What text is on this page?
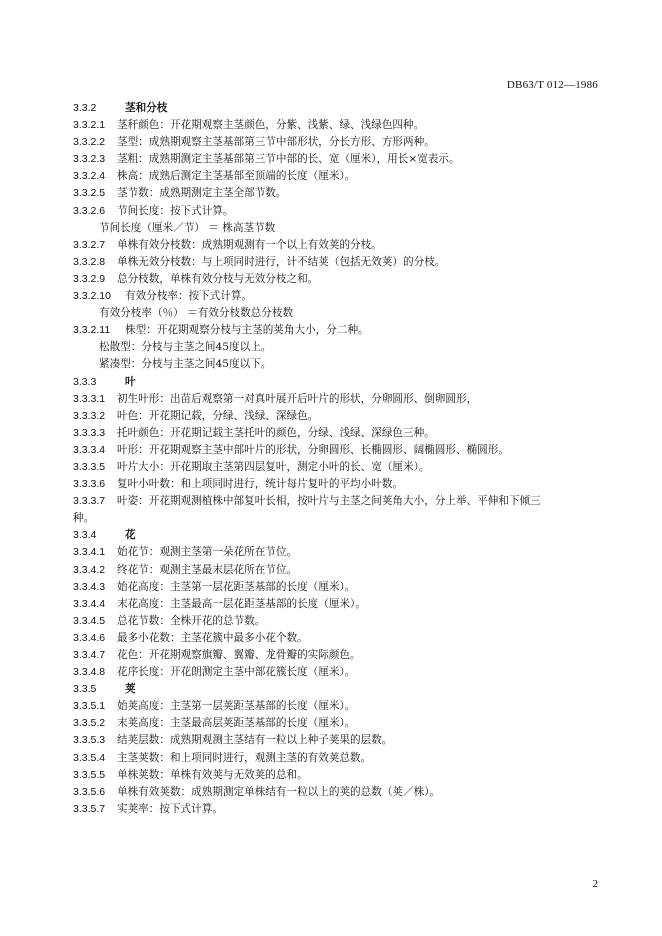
DB63/T 012—1986
3.3.2	茎和分枝
3.3.2.1 茎秆颜色：开花期观察主茎颜色，分紫、浅紫、绿、浅绿色四种。
3.3.2.2 茎型：成熟期观察主茎基部第三节中部形状，分长方形、方形两种。
3.3.2.3 茎粗：成熟期测定主茎基部第三节中部的长、宽（厘米），用长×宽表示。
3.3.2.4 株高：成熟后测定主茎基部至顶端的长度（厘米）。
3.3.2.5 茎节数：成熟期测定主茎全部节数。
3.3.2.6 节间长度：按下式计算。
节间长度（厘米／节） ＝ 株高茎节数
3.3.2.7 单株有效分枝数：成熟期观测有一个以上有效荚的分枝。
3.3.2.8 单株无效分枝数：与上项同时进行，计不结荚（包括无效荚）的分枝。
3.3.2.9 总分枝数，单株有效分枝与无效分枝之和。
3.3.2.10 有效分枝率：按下式计算。
有效分枝率（％） ＝有效分枝数总分枝数
3.3.2.11 株型：开花期观察分枝与主茎的荚角大小，分二种。
松散型：分枝与主茎之间45度以上。
紧凑型：分枝与主茎之间45度以下。
3.3.3	叶
3.3.3.1 初生叶形：出苗后观察第一对真叶展开后叶片的形状，分卵圆形、倒卵圆形，
3.3.3.2 叶色：开花期记载，分绿、浅绿、深绿色。
3.3.3.3 托叶颜色：开花期记载主茎托叶的颜色，分绿、浅绿、深绿色三种。
3.3.3.4 叶形：开花期观察主茎中部叶片的形状，分卵圆形、长椭圆形、阔椭圆形、椭圆形。
3.3.3.5 叶片大小：开花期取主茎第四层复叶，测定小叶的长、宽（厘米）。
3.3.3.6 复叶小叶数：和上项同时进行，统计每片复叶的平均小叶数。
3.3.3.7 叶姿：开花期观测植株中部复叶长相，按叶片与主茎之间荚角大小，分上举、平伸和下倾三
种。
3.3.4	花
3.3.4.1 始花节：观测主茎第一朵花所在节位。
3.3.4.2 终花节：观测主茎最末层花所在节位。
3.3.4.3 始花高度：主茎第一层花距茎基部的长度（厘米）。
3.3.4.4 末花高度：主茎最高一层花距茎基部的长度（厘米）。
3.3.4.5 总花节数：全株开花的总节数。
3.3.4.6 最多小花数：主茎花簇中最多小花个数。
3.3.4.7 花色：开花期观察旗瓣、翼瓣、龙骨瓣的实际颜色。
3.3.4.8 花序长度：开花朗测定主茎中部花簇长度（厘米）。
3.3.5	荚
3.3.5.1 始荚高度：主茎第一层荚距茎基部的长度（厘米）。
3.3.5.2 末荚高度：主茎最高层荚距茎基部的长度（厘米）。
3.3.5.3 结荚层数：成熟期观测主茎结有一粒以上种子荚果的层数。
3.3.5.4 主茎荚数：和上项同时进行，观测主茎的有效荚总数。
3.3.5.5 单株荚数：单株有效荚与无效荚的总和。
3.3.5.6 单株有效荚数：成熟期测定单株结有一粒以上的荚的总数（荚／株）。
3.3.5.7 实荚率：按下式计算。
2
